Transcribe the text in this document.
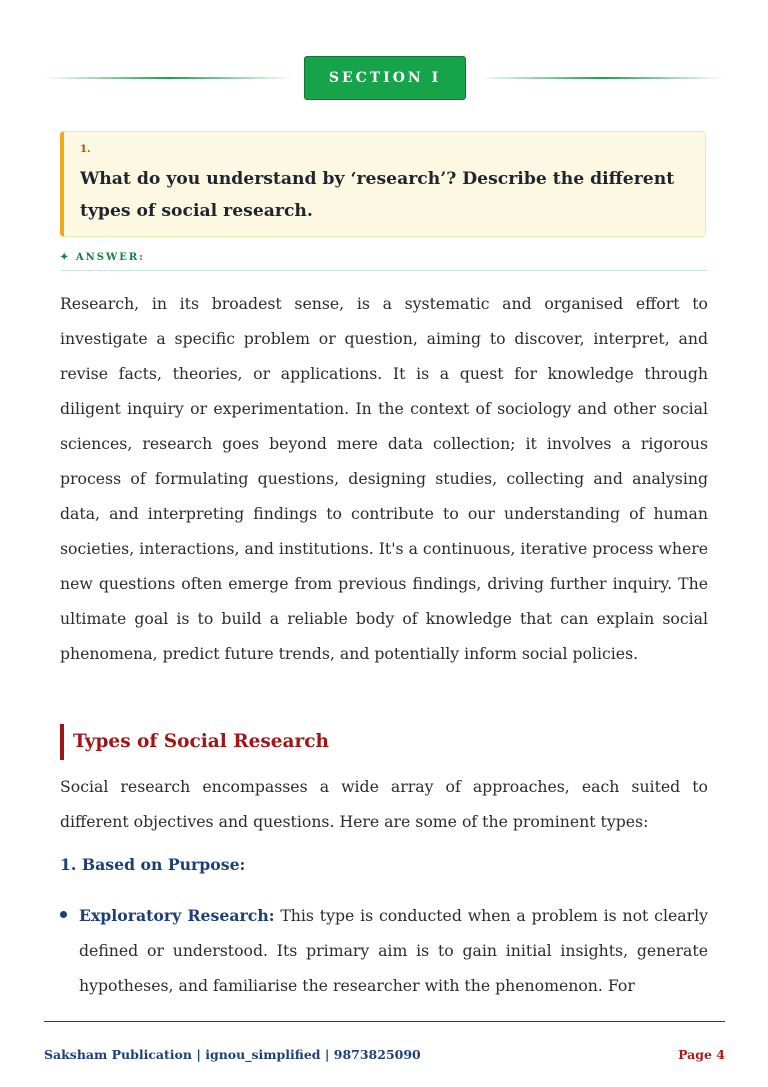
SECTION I
1.
What do you understand by ‘research’? Describe the different types of social research.
✦ ANSWER:

Research, in its broadest sense, is a systematic and organised effort to investigate a specific problem or question, aiming to discover, interpret, and revise facts, theories, or applications. It is a quest for knowledge through diligent inquiry or experimentation. In the context of sociology and other social sciences, research goes beyond mere data collection; it involves a rigorous process of formulating questions, designing studies, collecting and analysing data, and interpreting findings to contribute to our understanding of human societies, interactions, and institutions. It's a continuous, iterative process where new questions often emerge from previous findings, driving further inquiry. The ultimate goal is to build a reliable body of knowledge that can explain social phenomena, predict future trends, and potentially inform social policies.

Types of Social Research

Social research encompasses a wide array of approaches, each suited to different objectives and questions. Here are some of the prominent types:

1. Based on Purpose:

Exploratory Research: This type is conducted when a problem is not clearly defined or understood. Its primary aim is to gain initial insights, generate hypotheses, and familiarise the researcher with the phenomenon. For

Saksham Publication | ignou_simplified | 9873825090	Page 4
